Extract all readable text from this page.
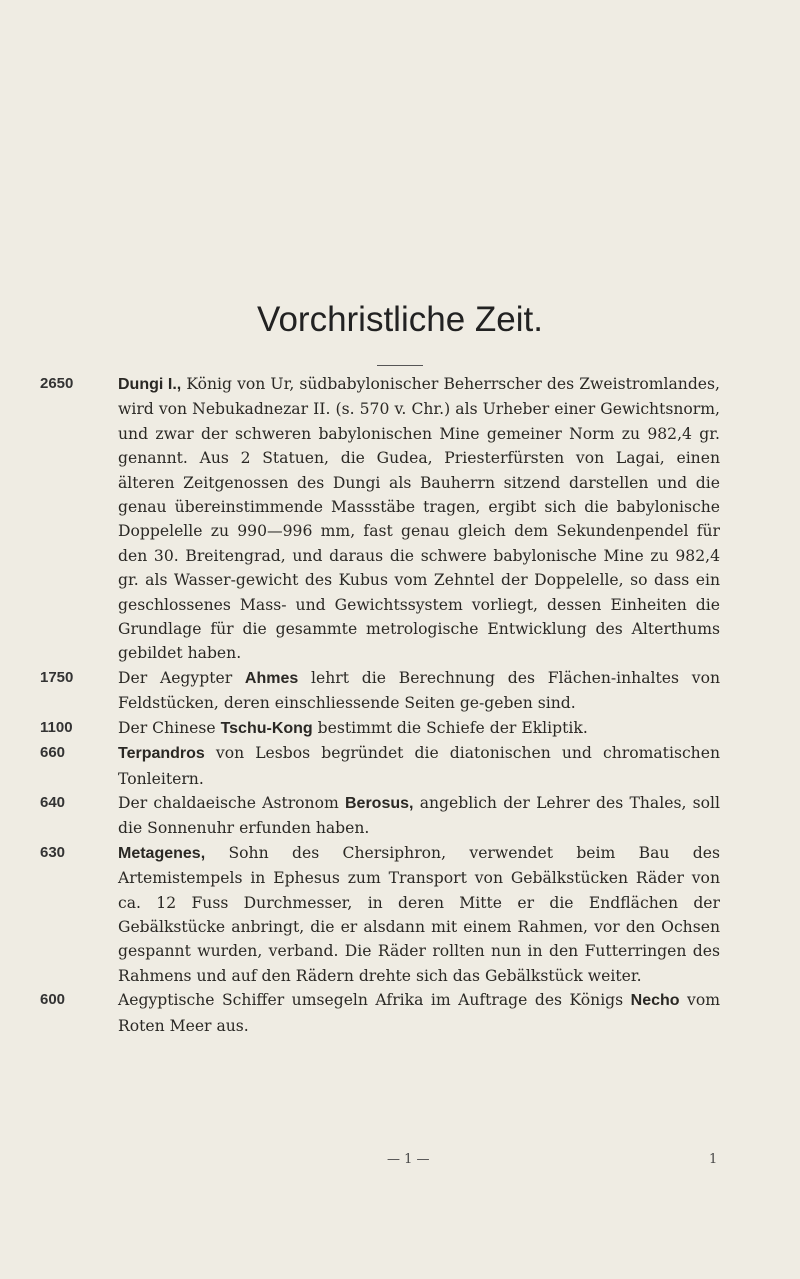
Vorchristliche Zeit.
2650	Dungi I., König von Ur, südbabylonischer Beherrscher des Zweistromlandes, wird von Nebukadnezar II. (s. 570 v. Chr.) als Urheber einer Gewichtsnorm, und zwar der schweren babylonischen Mine gemeiner Norm zu 982,4 gr. genannt. Aus 2 Statuen, die Gudea, Priesterfürsten von Lagai, einen älteren Zeitgenossen des Dungi als Bauherrn sitzend darstellen und die genau übereinstimmende Massstäbe tragen, ergibt sich die babylonische Doppelelle zu 990—996 mm, fast genau gleich dem Sekundenpendel für den 30. Breitengrad, und daraus die schwere babylonische Mine zu 982,4 gr. als Wasser-gewicht des Kubus vom Zehntel der Doppelelle, so dass ein geschlossenes Mass- und Gewichtssystem vorliegt, dessen Einheiten die Grundlage für die gesammte metrologische Entwicklung des Alterthums gebildet haben.
1750	Der Aegypter Ahmes lehrt die Berechnung des Flächen-inhaltes von Feldstücken, deren einschliessende Seiten ge-geben sind.
1100	Der Chinese Tschu-Kong bestimmt die Schiefe der Ekliptik.
660	Terpandros von Lesbos begründet die diatonischen und chromatischen Tonleitern.
640	Der chaldaeische Astronom Berosus, angeblich der Lehrer des Thales, soll die Sonnenuhr erfunden haben.
630	Metagenes, Sohn des Chersiphron, verwendet beim Bau des Artemistempels in Ephesus zum Transport von Gebälkstücken Räder von ca. 12 Fuss Durchmesser, in deren Mitte er die Endflächen der Gebälkstücke anbringt, die er alsdann mit einem Rahmen, vor den Ochsen gespannt wurden, verband. Die Räder rollten nun in den Futterringen des Rahmens und auf den Rädern drehte sich das Gebälkstück weiter.
600	Aegyptische Schiffer umsegeln Afrika im Auftrage des Königs Necho vom Roten Meer aus.
— 1 —	1
